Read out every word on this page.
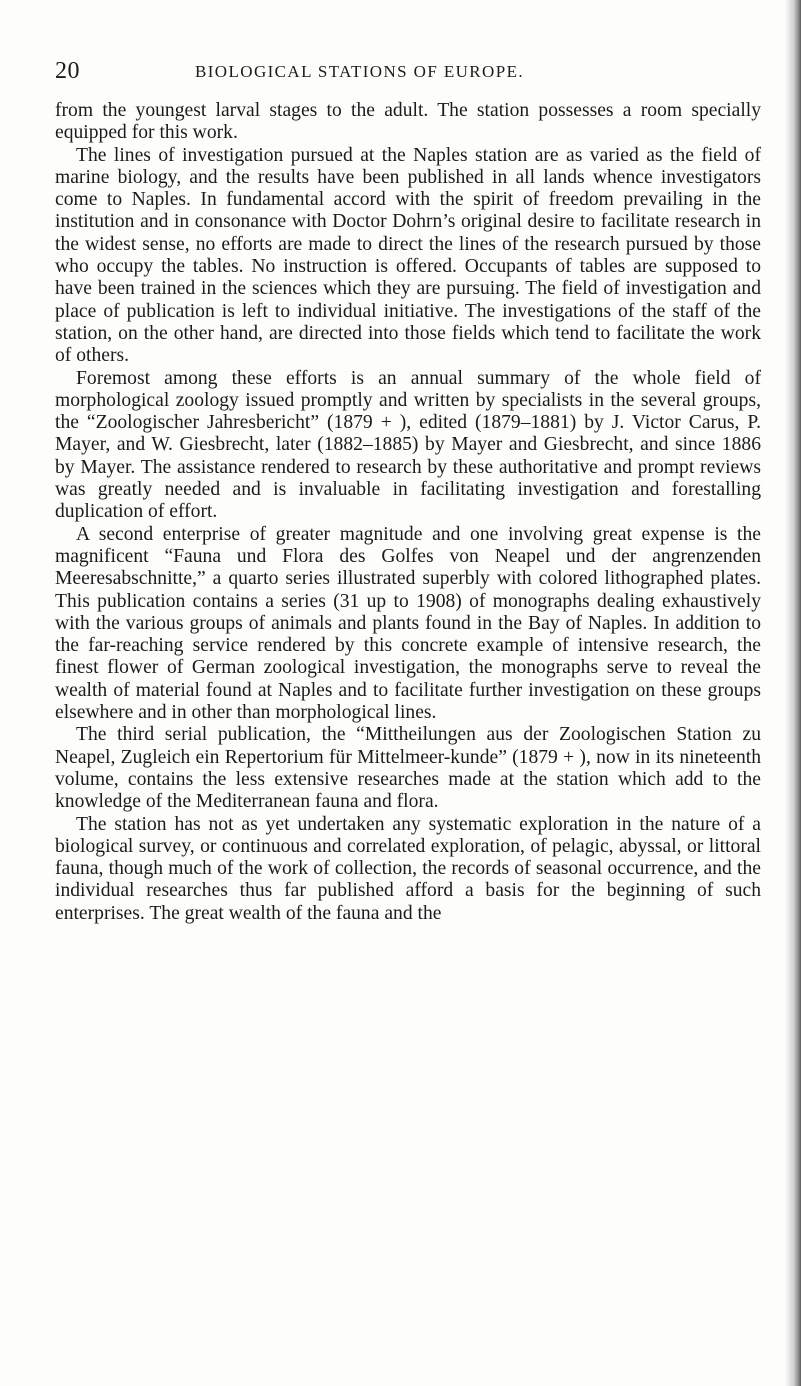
20	BIOLOGICAL STATIONS OF EUROPE.

from the youngest larval stages to the adult. The station possesses a room specially equipped for this work.

The lines of investigation pursued at the Naples station are as varied as the field of marine biology, and the results have been published in all lands whence investigators come to Naples. In fundamental accord with the spirit of freedom prevailing in the institution and in consonance with Doctor Dohrn’s original desire to facilitate research in the widest sense, no efforts are made to direct the lines of the research pursued by those who occupy the tables. No instruction is offered. Occupants of tables are supposed to have been trained in the sciences which they are pursuing. The field of investigation and place of publication is left to individual initiative. The investigations of the staff of the station, on the other hand, are directed into those fields which tend to facilitate the work of others.

Foremost among these efforts is an annual summary of the whole field of morphological zoology issued promptly and written by specialists in the several groups, the “Zoologischer Jahresbericht” (1879 + ), edited (1879–1881) by J. Victor Carus, P. Mayer, and W. Giesbrecht, later (1882–1885) by Mayer and Giesbrecht, and since 1886 by Mayer. The assistance rendered to research by these authoritative and prompt reviews was greatly needed and is invaluable in facilitating investigation and forestalling duplication of effort.

A second enterprise of greater magnitude and one involving great expense is the magnificent “Fauna und Flora des Golfes von Neapel und der angrenzenden Meeresabschnitte,” a quarto series illustrated superbly with colored lithographed plates. This publication contains a series (31 up to 1908) of monographs dealing exhaustively with the various groups of animals and plants found in the Bay of Naples. In addition to the far-reaching service rendered by this concrete example of intensive research, the finest flower of German zoological investigation, the monographs serve to reveal the wealth of material found at Naples and to facilitate further investigation on these groups elsewhere and in other than morphological lines.

The third serial publication, the “Mittheilungen aus der Zoologischen Station zu Neapel, Zugleich ein Repertorium für Mittelmeer-kunde” (1879 + ), now in its nineteenth volume, contains the less extensive researches made at the station which add to the knowledge of the Mediterranean fauna and flora.

The station has not as yet undertaken any systematic exploration in the nature of a biological survey, or continuous and correlated exploration, of pelagic, abyssal, or littoral fauna, though much of the work of collection, the records of seasonal occurrence, and the individual researches thus far published afford a basis for the beginning of such enterprises. The great wealth of the fauna and the
